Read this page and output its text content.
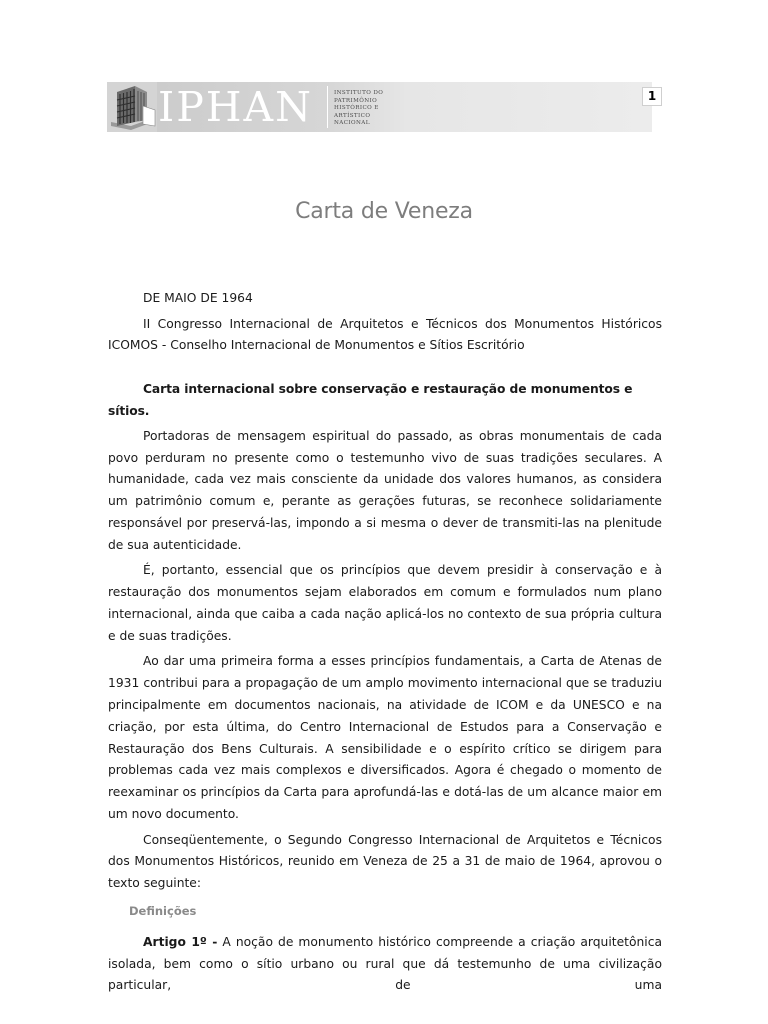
IPHAN	INSTITUTO DO
PATRIMÔNIO
HISTÓRICO E
ARTÍSTICO
NACIONAL
1
Carta de Veneza

DE MAIO DE 1964

II Congresso Internacional de Arquitetos e Técnicos dos Monumentos Históricos
ICOMOS - Conselho Internacional de Monumentos e Sítios Escritório

Carta internacional sobre conservação e restauração de monumentos e sítios.

Portadoras de mensagem espiritual do passado, as obras monumentais de cada povo perduram no presente como o testemunho vivo de suas tradições seculares. A humanidade, cada vez mais consciente da unidade dos valores humanos, as considera um patrimônio comum e, perante as gerações futuras, se reconhece solidariamente responsável por preservá-las, impondo a si mesma o dever de transmiti-las na plenitude de sua autenticidade.

É, portanto, essencial que os princípios que devem presidir à conservação e à restauração dos monumentos sejam elaborados em comum e formulados num plano internacional, ainda que caiba a cada nação aplicá-los no contexto de sua própria cultura e de suas tradições.

Ao dar uma primeira forma a esses princípios fundamentais, a Carta de Atenas de 1931 contribui para a propagação de um amplo movimento internacional que se traduziu principalmente em documentos nacionais, na atividade de ICOM e da UNESCO e na criação, por esta última, do Centro Internacional de Estudos para a Conservação e Restauração dos Bens Culturais. A sensibilidade e o espírito crítico se dirigem para problemas cada vez mais complexos e diversificados. Agora é chegado o momento de reexaminar os princípios da Carta para aprofundá-las e dotá-las de um alcance maior em um novo documento.

Conseqüentemente, o Segundo Congresso Internacional de Arquitetos e Técnicos dos Monumentos Históricos, reunido em Veneza de 25 a 31 de maio de 1964, aprovou o texto seguinte:

Definições

Artigo 1º - A noção de monumento histórico compreende a criação arquitetônica isolada, bem como o sítio urbano ou rural que dá testemunho de uma civilização particular, de uma
